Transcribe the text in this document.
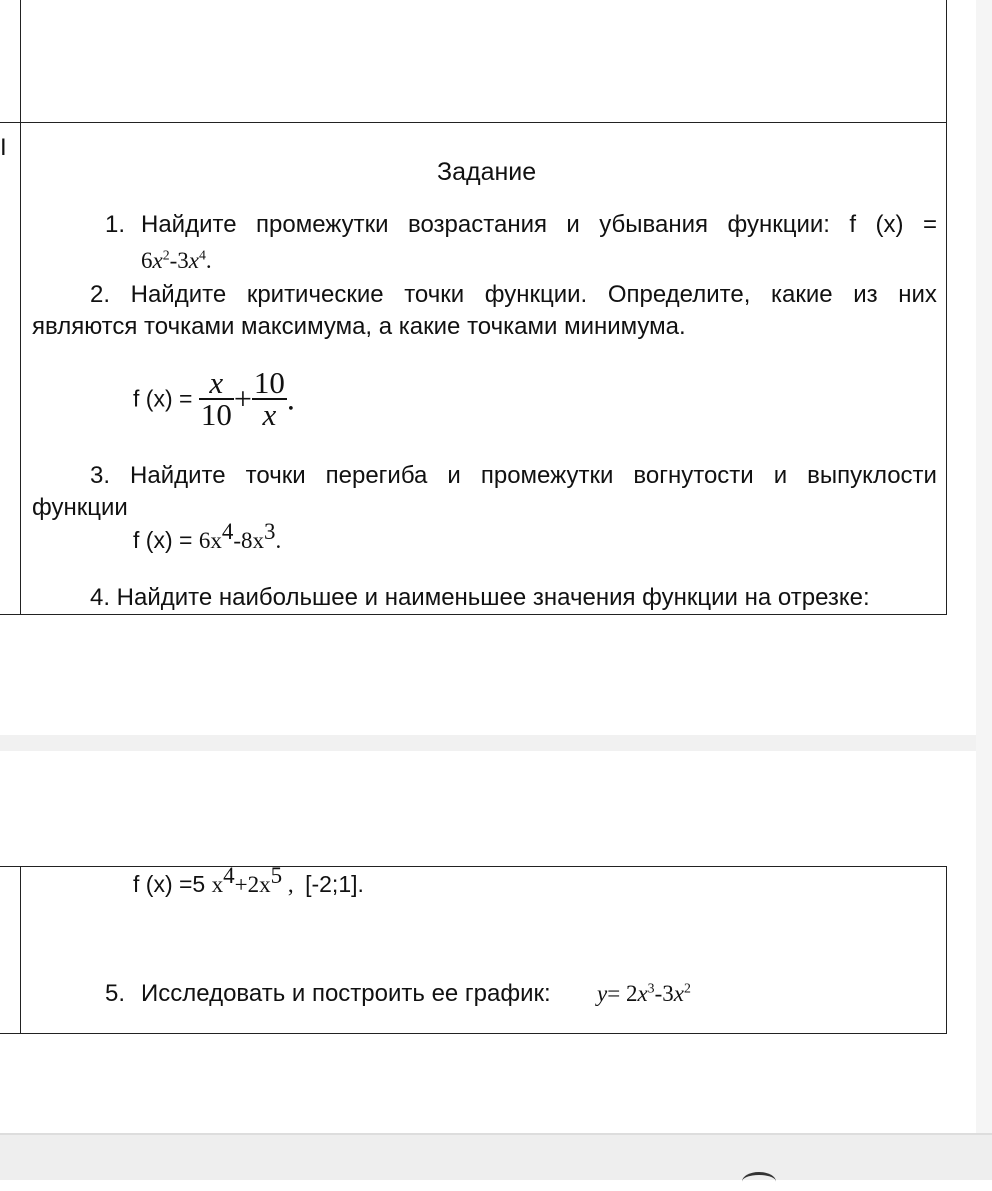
I
Задание
1. Найдите промежутки возрастания и убывания функции: f (x) =
$6x^2-3x^4$.
2. Найдите критические точки функции. Определите, какие из них
являются точками максимума, а какие точками минимума.
f $(x) = \frac{x}{10} + \frac{10}{x}$ .
3. Найдите точки перегиба и промежутки вогнутости и выпуклости
функции
f $(x) = 6x^4-8x^3$.
4. Найдите наибольшее и наименьшее значения функции на отрезке:
f (x) =5 $x^4+2x^5$ ,  [-2;1].
5. Исследовать и построить ее график: $y= 2x^3-3x^2$
